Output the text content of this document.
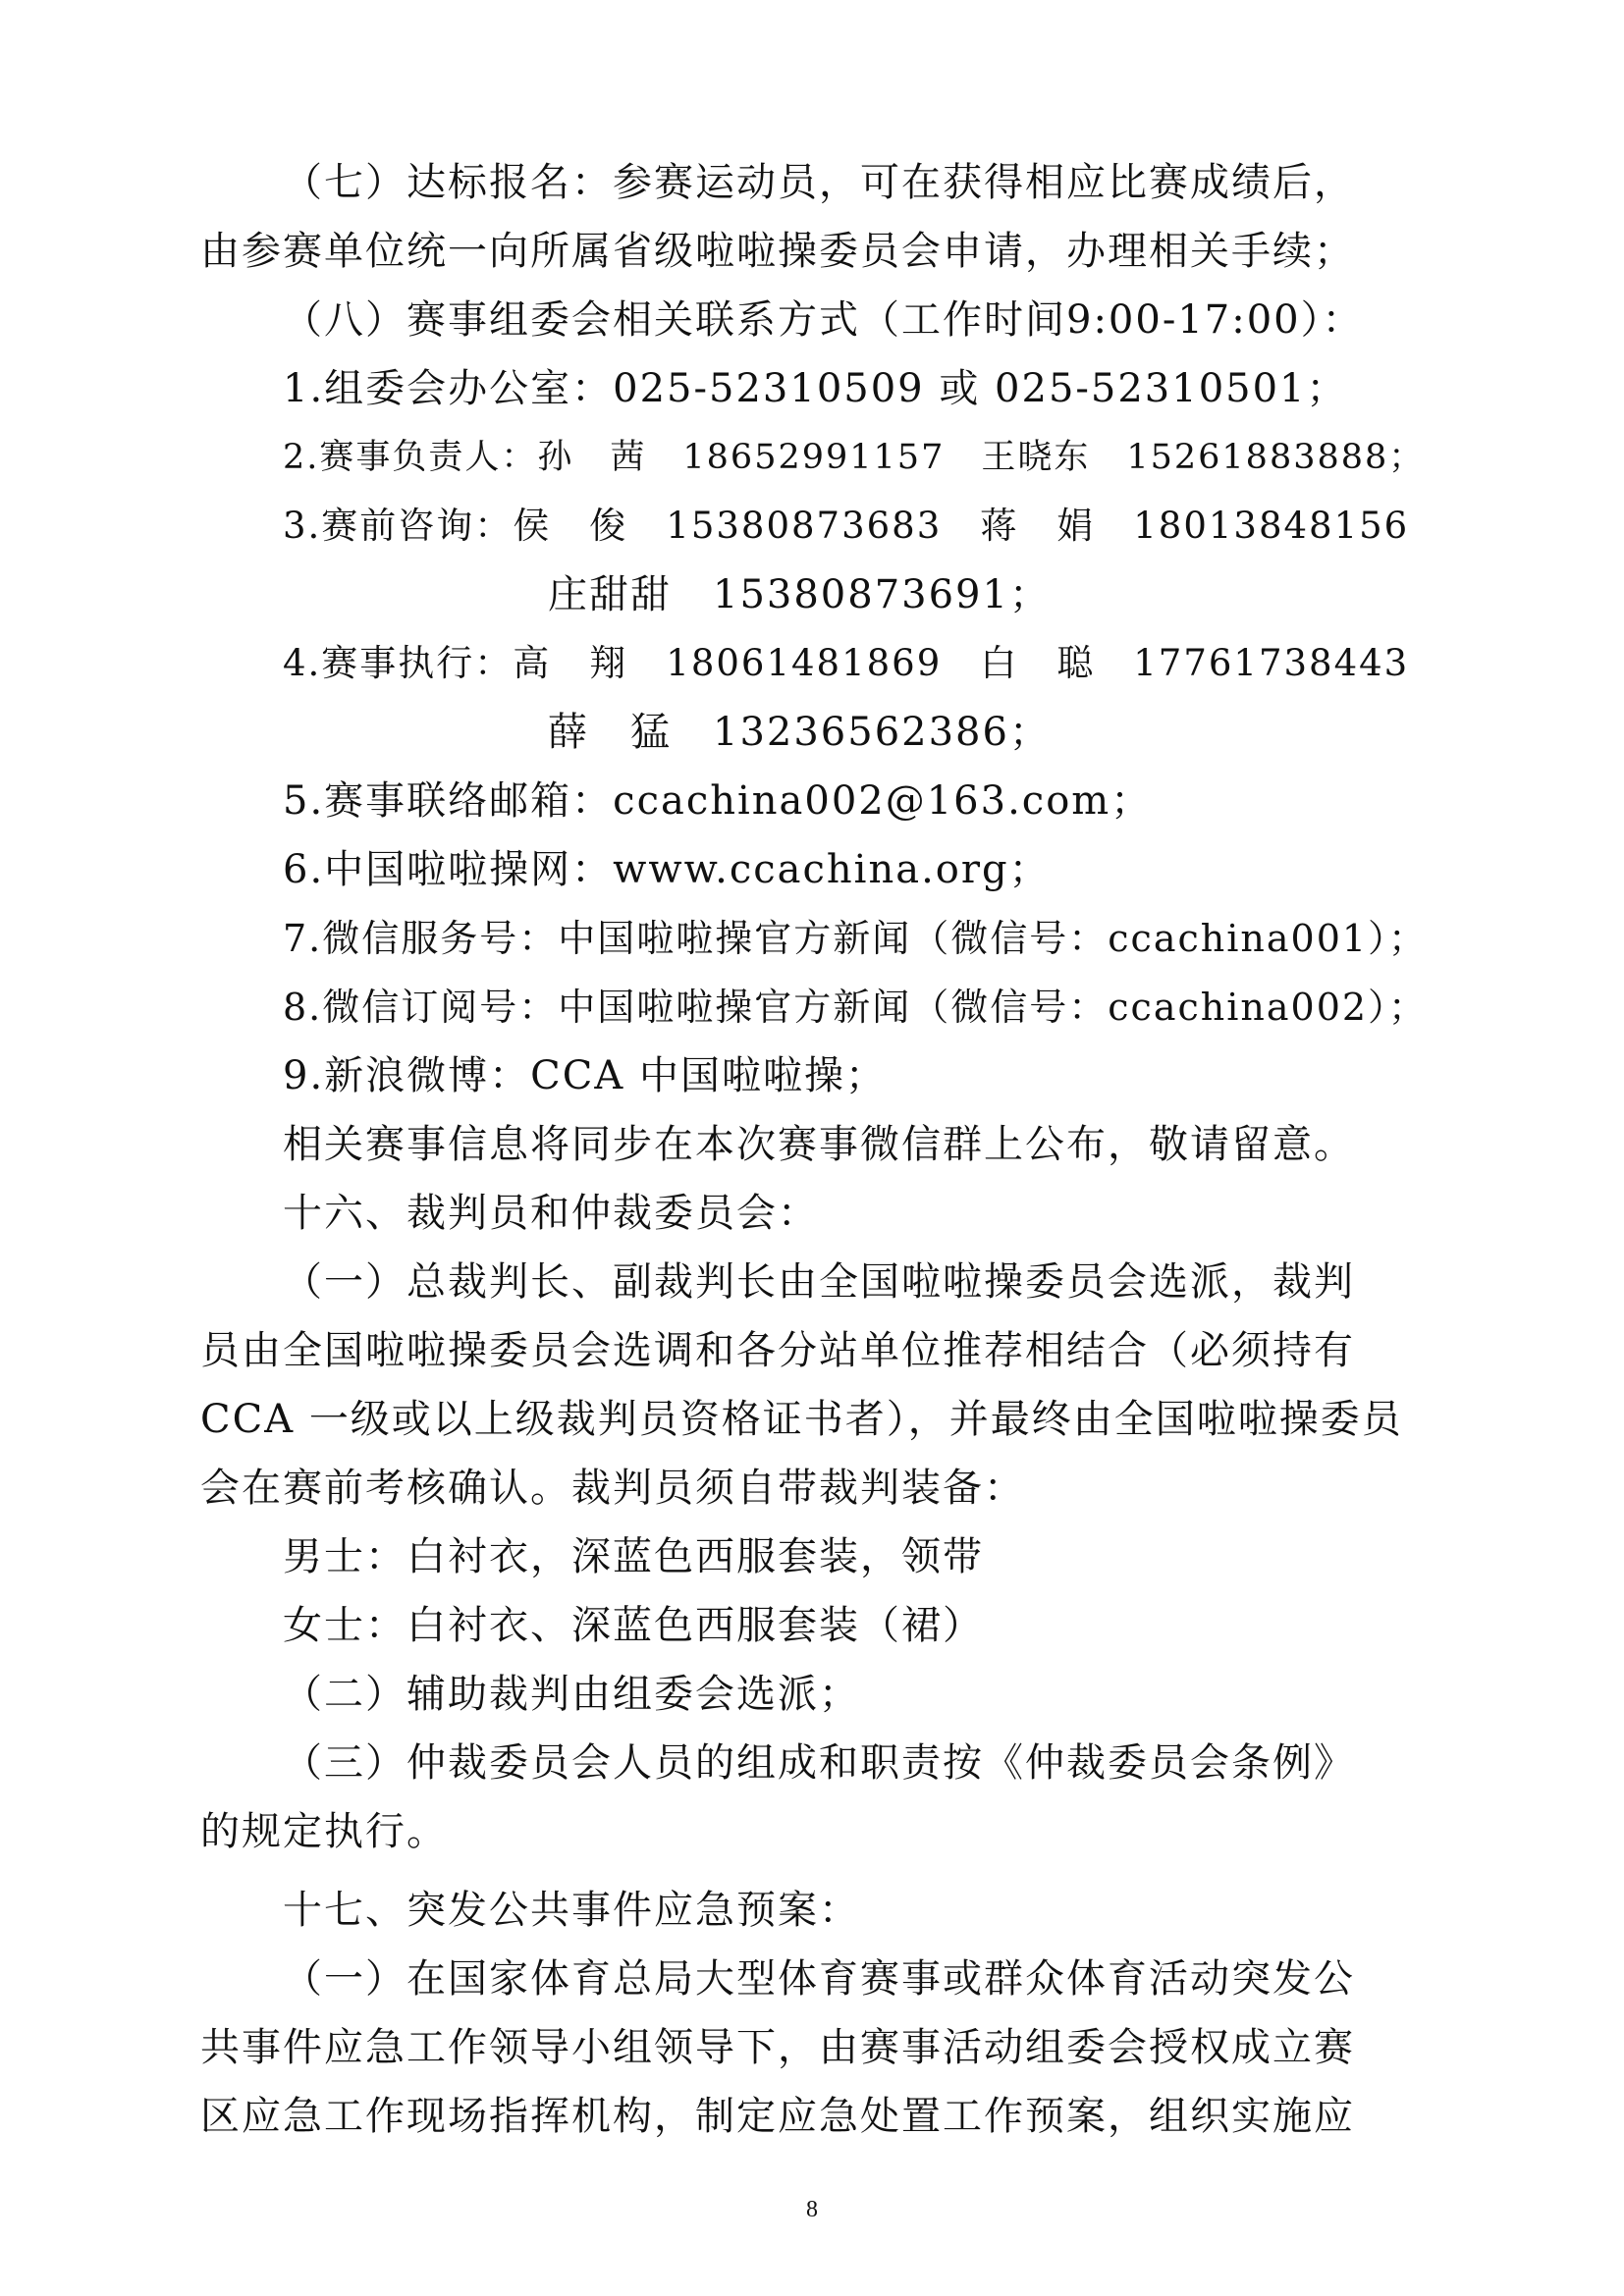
（七）达标报名：参赛运动员，可在获得相应比赛成绩后，
由参赛单位统一向所属省级啦啦操委员会申请，办理相关手续；
（八）赛事组委会相关联系方式（工作时间9:00-17:00）：
1.组委会办公室：025-52310509 或 025-52310501；
2.赛事负责人：孙　茜　18652991157　王晓东　15261883888；
3.赛前咨询：侯　俊　15380873683　蒋　娟　18013848156
庄甜甜　15380873691；
4.赛事执行：高　翔　18061481869　白　聪　17761738443
薛　猛　13236562386；
5.赛事联络邮箱：ccachina002@163.com；
6.中国啦啦操网：www.ccachina.org；
7.微信服务号：中国啦啦操官方新闻（微信号：ccachina001）；
8.微信订阅号：中国啦啦操官方新闻（微信号：ccachina002）；
9.新浪微博：CCA 中国啦啦操；
相关赛事信息将同步在本次赛事微信群上公布，敬请留意。
十六、裁判员和仲裁委员会：
（一）总裁判长、副裁判长由全国啦啦操委员会选派，裁判
员由全国啦啦操委员会选调和各分站单位推荐相结合（必须持有
CCA 一级或以上级裁判员资格证书者），并最终由全国啦啦操委员
会在赛前考核确认。裁判员须自带裁判装备：
男士：白衬衣，深蓝色西服套装，领带
女士：白衬衣、深蓝色西服套装（裙）
（二）辅助裁判由组委会选派；
（三）仲裁委员会人员的组成和职责按《仲裁委员会条例》
的规定执行。
十七、突发公共事件应急预案：
（一）在国家体育总局大型体育赛事或群众体育活动突发公
共事件应急工作领导小组领导下，由赛事活动组委会授权成立赛
区应急工作现场指挥机构，制定应急处置工作预案，组织实施应
8
